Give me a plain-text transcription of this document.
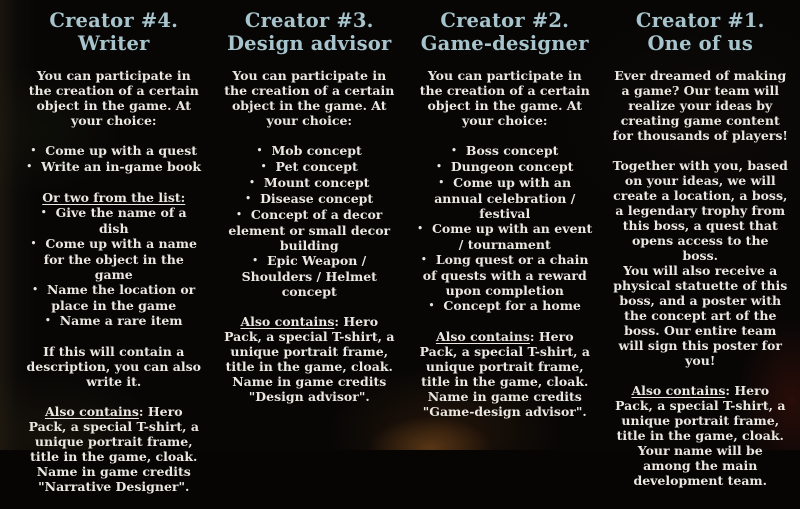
Creator #4.
Writer

You can participate in the creation of a certain object in the game. At your choice:

• Come up with a quest
• Write an in-game book

Or two from the list:

• Give the name of a dish
• Come up with a name for the object in the game
• Name the location or place in the game
• Name a rare item

If this will contain a description, you can also write it.

Also contains: Hero Pack, a special T-shirt, a unique portrait frame, title in the game, cloak. Name in game credits "Narrative Designer".

Creator #3.
Design advisor

You can participate in the creation of a certain object in the game. At your choice:

• Mob concept
• Pet concept
• Mount concept
• Disease concept
• Concept of a decor element or small decor building
• Epic Weapon / Shoulders / Helmet concept

Also contains: Hero Pack, a special T-shirt, a unique portrait frame, title in the game, cloak. Name in game credits "Design advisor".

Creator #2.
Game-designer

You can participate in the creation of a certain object in the game. At your choice:

• Boss concept
• Dungeon concept
• Come up with an annual celebration / festival
• Come up with an event / tournament
• Long quest or a chain of quests with a reward upon completion
• Concept for a home

Also contains: Hero Pack, a special T-shirt, a unique portrait frame, title in the game, cloak. Name in game credits "Game-design advisor".

Creator #1.
One of us

Ever dreamed of making a game? Our team will realize your ideas by creating game content for thousands of players!

Together with you, based on your ideas, we will create a location, a boss, a legendary trophy from this boss, a quest that opens access to the boss.

You will also receive a physical statuette of this boss, and a poster with the concept art of the boss. Our entire team will sign this poster for you!

Also contains: Hero Pack, a special T-shirt, a unique portrait frame, title in the game, cloak. Your name will be among the main development team.
